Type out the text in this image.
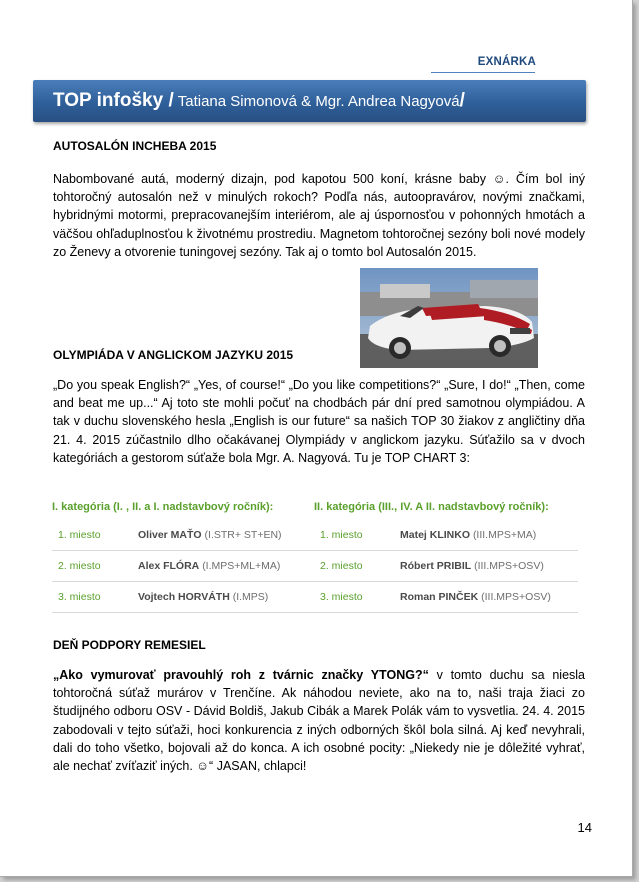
EXNÁRKA
TOP infošky / Tatiana Simonová & Mgr. Andrea Nagyová /
AUTOSALÓN INCHEBA 2015
Nabombované autá, moderný dizajn, pod kapotou 500 koní, krásne baby ☺. Čím bol iný tohtoročný autosalón než v minulých rokoch? Podľa nás, autoopravárov, novými značkami, hybridnými motormi, prepracovanejším interiérom, ale aj úspornosťou v pohonných hmotách a väčšou ohľaduplnosťou k životnému prostrediu. Magnetom tohtoročnej sezóny boli nové modely zo Ženevy a otvorenie tuningovej sezóny. Tak aj o tomto bol Autosalón 2015.
OLYMPIÁDA V ANGLICKOM JAZYKU 2015
„Do you speak English?“ „Yes, of course!“ „Do you like competitions?“ „Sure, I do!“ „Then, come and beat me up...“ Aj toto ste mohli počuť na chodbách pár dní pred samotnou olympiádou. A tak v duchu slovenského hesla „English is our future“ sa našich TOP 30 žiakov z angličtiny dňa 21. 4. 2015 zúčastnilo dlho očakávanej Olympiády v anglickom jazyku. Súťažilo sa v dvoch kategóriách a gestorom súťaže bola Mgr. A. Nagyová. Tu je TOP CHART 3:
I. kategória (I. , II. a I. nadstavbový ročník):
1. miesto	Oliver MAŤO
(I.STR+ ST+EN)
2. miesto	Alex FLÓRA
(I.MPS+ML+MA)
3. miesto	Vojtech HORVÁTH
(I.MPS)
II. kategória (III., IV. A II. nadstavbový ročník):
1. miesto	Matej KLINKO
(III.MPS+MA)
2. miesto	Róbert PRIBIL
(III.MPS+OSV)
3. miesto	Roman PINČEK
(III.MPS+OSV)
DEŇ PODPORY REMESIEL
„Ako vymurovať pravouhlý roh z tvárnic značky YTONG?“ v tomto duchu sa niesla tohtoročná súťaž murárov v Trenčíne. Ak náhodou neviete, ako na to, naši traja žiaci zo študijného odboru OSV - Dávid Boldiš, Jakub Cibák a Marek Polák vám to vysvetlia. 24. 4. 2015 zabodovali v tejto súťaži, hoci konkurencia z iných odborných škôl bola silná. Aj keď nevyhrali, dali do toho všetko, bojovali až do konca. A ich osobné pocity: „Niekedy nie je dôležité vyhrať, ale nechať zvíťaziť iných. ☺“ JASAN, chlapci!
14
